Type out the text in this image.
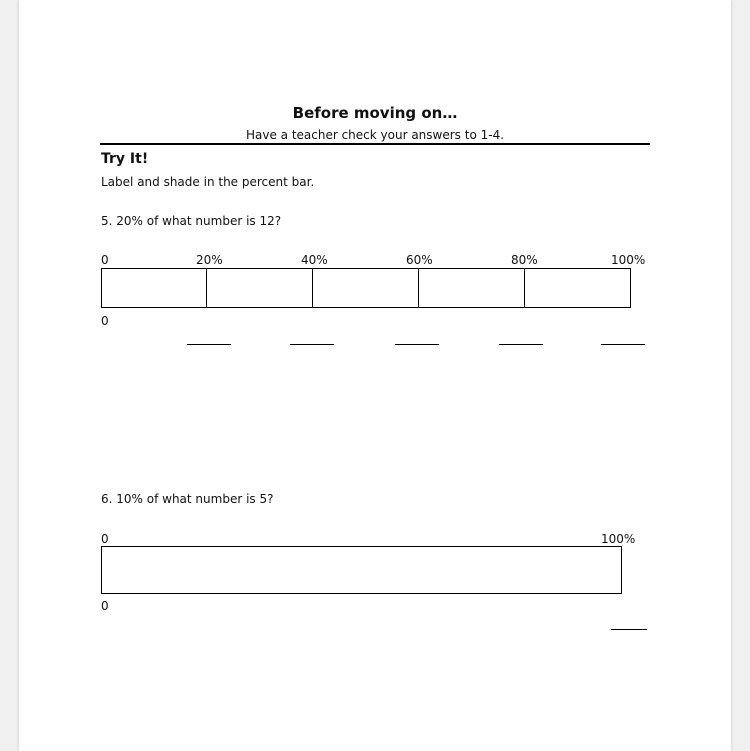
Before moving on…
Have a teacher check your answers to 1-4.
Try It!
Label and shade in the percent bar.
5. 20% of what number is 12?
0	20%	40%	60%	80%	100%
0
6. 10% of what number is 5?
0	100%
0
